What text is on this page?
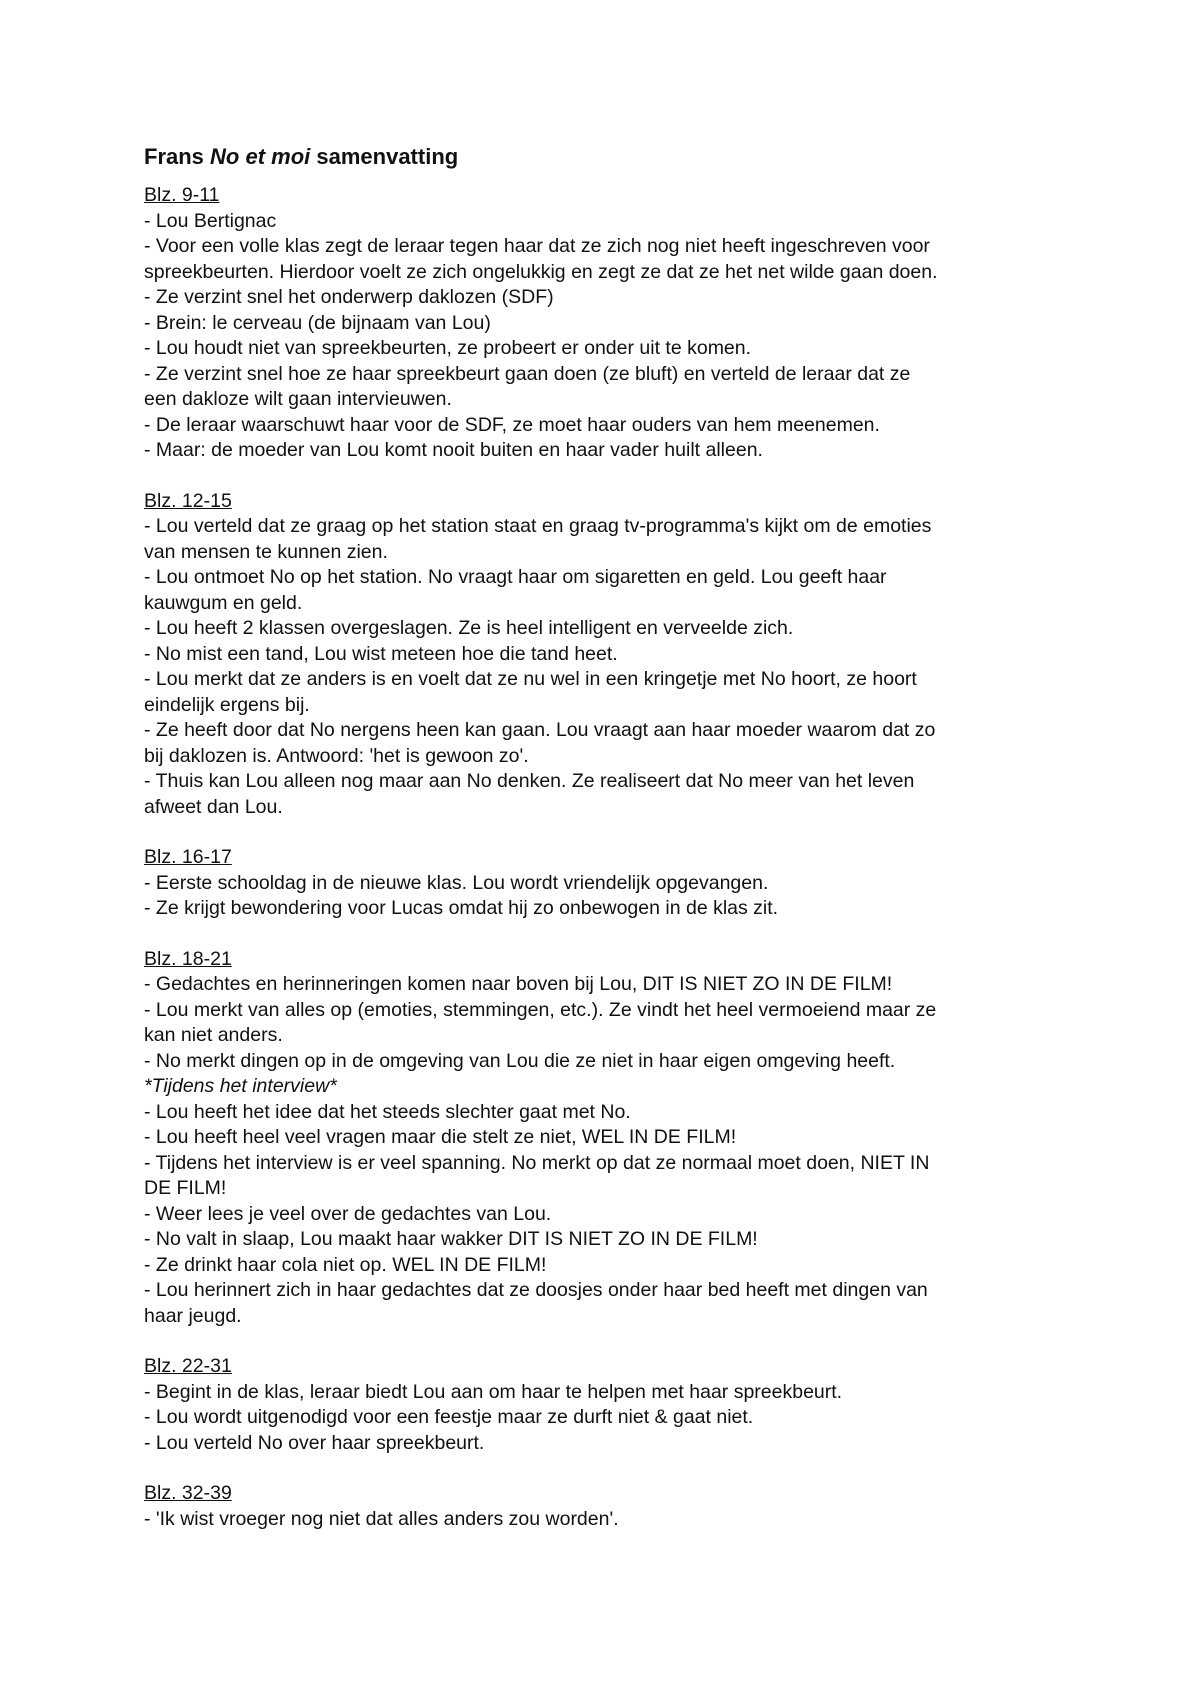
Frans No et moi samenvatting
Blz. 9-11
- Lou Bertignac
- Voor een volle klas zegt de leraar tegen haar dat ze zich nog niet heeft ingeschreven voor
spreekbeurten. Hierdoor voelt ze zich ongelukkig en zegt ze dat ze het net wilde gaan doen.
- Ze verzint snel het onderwerp daklozen (SDF)
- Brein: le cerveau (de bijnaam van Lou)
- Lou houdt niet van spreekbeurten, ze probeert er onder uit te komen.
- Ze verzint snel hoe ze haar spreekbeurt gaan doen (ze bluft) en verteld de leraar dat ze
een dakloze wilt gaan intervieuwen.
- De leraar waarschuwt haar voor de SDF, ze moet haar ouders van hem meenemen.
- Maar: de moeder van Lou komt nooit buiten en haar vader huilt alleen.
Blz. 12-15
- Lou verteld dat ze graag op het station staat en graag tv-programma's kijkt om de emoties
van mensen te kunnen zien.
- Lou ontmoet No op het station. No vraagt haar om sigaretten en geld. Lou geeft haar
kauwgum en geld.
- Lou heeft 2 klassen overgeslagen. Ze is heel intelligent en verveelde zich.
- No mist een tand, Lou wist meteen hoe die tand heet.
- Lou merkt dat ze anders is en voelt dat ze nu wel in een kringetje met No hoort, ze hoort
eindelijk ergens bij.
- Ze heeft door dat No nergens heen kan gaan. Lou vraagt aan haar moeder waarom dat zo
bij daklozen is. Antwoord: 'het is gewoon zo'.
- Thuis kan Lou alleen nog maar aan No denken. Ze realiseert dat No meer van het leven
afweet dan Lou.
Blz. 16-17
- Eerste schooldag in de nieuwe klas. Lou wordt vriendelijk opgevangen.
- Ze krijgt bewondering voor Lucas omdat hij zo onbewogen in de klas zit.
Blz. 18-21
- Gedachtes en herinneringen komen naar boven bij Lou, DIT IS NIET ZO IN DE FILM!
- Lou merkt van alles op (emoties, stemmingen, etc.). Ze vindt het heel vermoeiend maar ze
kan niet anders.
- No merkt dingen op in de omgeving van Lou die ze niet in haar eigen omgeving heeft.
*Tijdens het interview*
- Lou heeft het idee dat het steeds slechter gaat met No.
- Lou heeft heel veel vragen maar die stelt ze niet, WEL IN DE FILM!
- Tijdens het interview is er veel spanning. No merkt op dat ze normaal moet doen, NIET IN
DE FILM!
- Weer lees je veel over de gedachtes van Lou.
- No valt in slaap, Lou maakt haar wakker DIT IS NIET ZO IN DE FILM!
- Ze drinkt haar cola niet op. WEL IN DE FILM!
- Lou herinnert zich in haar gedachtes dat ze doosjes onder haar bed heeft met dingen van
haar jeugd.
Blz. 22-31
- Begint in de klas, leraar biedt Lou aan om haar te helpen met haar spreekbeurt.
- Lou wordt uitgenodigd voor een feestje maar ze durft niet & gaat niet.
- Lou verteld No over haar spreekbeurt.
Blz. 32-39
- 'Ik wist vroeger nog niet dat alles anders zou worden'.
